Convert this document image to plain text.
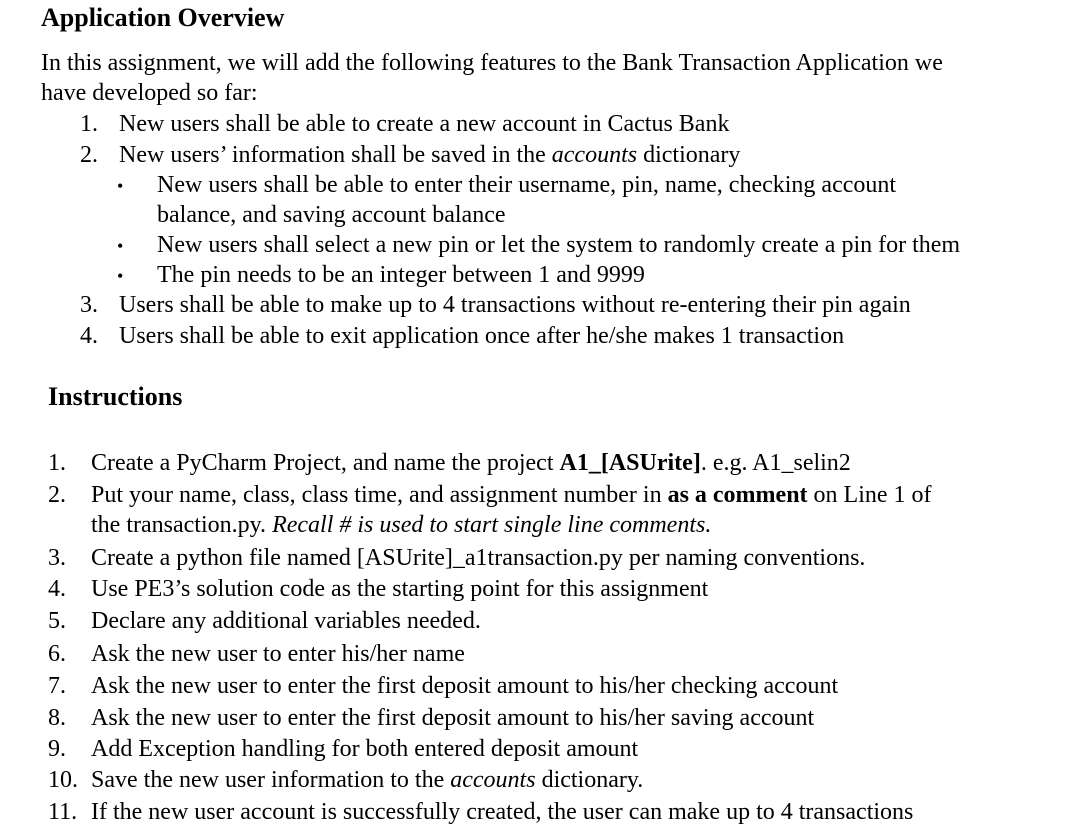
Application Overview
In this assignment, we will add the following features to the Bank Transaction Application we
have developed so far:
1. New users shall be able to create a new account in Cactus Bank
2. New users’ information shall be saved in the accounts dictionary
• New users shall be able to enter their username, pin, name, checking account
balance, and saving account balance
• New users shall select a new pin or let the system to randomly create a pin for them
• The pin needs to be an integer between 1 and 9999
3. Users shall be able to make up to 4 transactions without re-entering their pin again
4. Users shall be able to exit application once after he/she makes 1 transaction
Instructions
1. Create a PyCharm Project, and name the project A1_[ASUrite]. e.g. A1_selin2
2. Put your name, class, class time, and assignment number in as a comment on Line 1 of
the transaction.py. Recall # is used to start single line comments.
3. Create a python file named [ASUrite]_a1transaction.py per naming conventions.
4. Use PE3’s solution code as the starting point for this assignment
5. Declare any additional variables needed.
6. Ask the new user to enter his/her name
7. Ask the new user to enter the first deposit amount to his/her checking account
8. Ask the new user to enter the first deposit amount to his/her saving account
9. Add Exception handling for both entered deposit amount
10. Save the new user information to the accounts dictionary.
11. If the new user account is successfully created, the user can make up to 4 transactions
